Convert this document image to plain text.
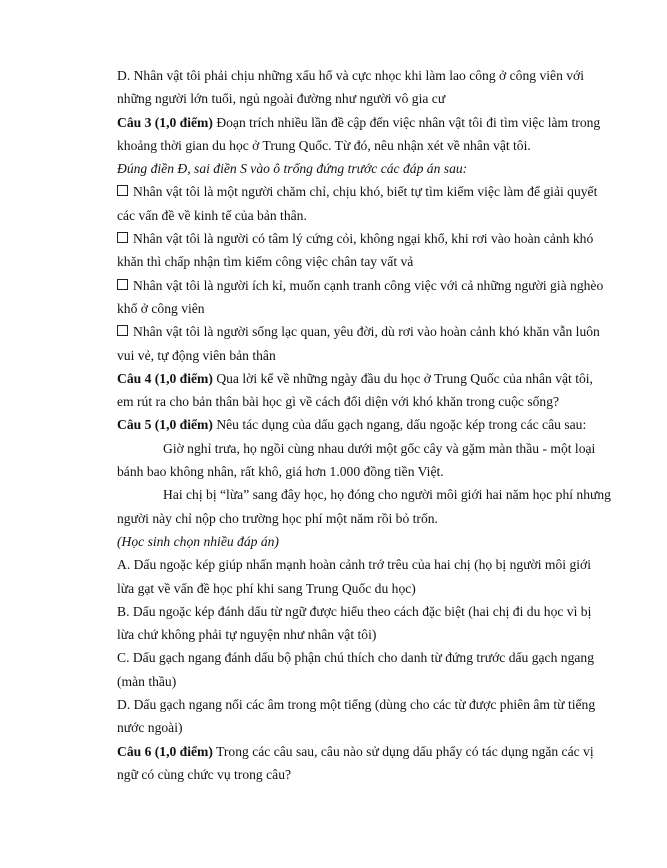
D. Nhân vật tôi phải chịu những xấu hổ và cực nhọc khi làm lao công ở công viên với
những người lớn tuổi, ngủ ngoài đường như người vô gia cư
Câu 3 (1,0 điểm) Đoạn trích nhiều lần đề cập đến việc nhân vật tôi đi tìm việc làm trong
khoảng thời gian du học ở Trung Quốc. Từ đó, nêu nhận xét về nhân vật tôi.
Đúng điền Đ, sai điền S vào ô trống đứng trước các đáp án sau:
Nhân vật tôi là một người chăm chỉ, chịu khó, biết tự tìm kiếm việc làm để giải quyết
các vấn đề về kinh tế của bản thân.
Nhân vật tôi là người có tâm lý cứng cỏi, không ngại khổ, khi rơi vào hoàn cảnh khó
khăn thì chấp nhận tìm kiếm công việc chân tay vất vả
Nhân vật tôi là người ích kỉ, muốn cạnh tranh công việc với cả những người già nghèo
khổ ở công viên
Nhân vật tôi là người sống lạc quan, yêu đời, dù rơi vào hoàn cảnh khó khăn vẫn luôn
vui vẻ, tự động viên bản thân
Câu 4 (1,0 điểm) Qua lời kể về những ngày đầu du học ở Trung Quốc của nhân vật tôi,
em rút ra cho bản thân bài học gì về cách đối diện với khó khăn trong cuộc sống?
Câu 5 (1,0 điểm) Nêu tác dụng của dấu gạch ngang, dấu ngoặc kép trong các câu sau:
Giờ nghỉ trưa, họ ngồi cùng nhau dưới một gốc cây và gặm màn thầu - một loại
bánh bao không nhân, rất khô, giá hơn 1.000 đồng tiền Việt.
Hai chị bị “lừa” sang đây học, họ đóng cho người môi giới hai năm học phí nhưng
người này chỉ nộp cho trường học phí một năm rồi bỏ trốn.
(Học sinh chọn nhiều đáp án)
A. Dấu ngoặc kép giúp nhấn mạnh hoàn cảnh trớ trêu của hai chị (họ bị người môi giới
lừa gạt về vấn đề học phí khi sang Trung Quốc du học)
B. Dấu ngoặc kép đánh dấu từ ngữ được hiểu theo cách đặc biệt (hai chị đi du học vì bị
lừa chứ không phải tự nguyện như nhân vật tôi)
C. Dấu gạch ngang đánh dấu bộ phận chú thích cho danh từ đứng trước dấu gạch ngang
(màn thầu)
D. Dấu gạch ngang nối các âm trong một tiếng (dùng cho các từ được phiên âm từ tiếng
nước ngoài)
Câu 6 (1,0 điểm) Trong các câu sau, câu nào sử dụng dấu phẩy có tác dụng ngăn các vị
ngữ có cùng chức vụ trong câu?
